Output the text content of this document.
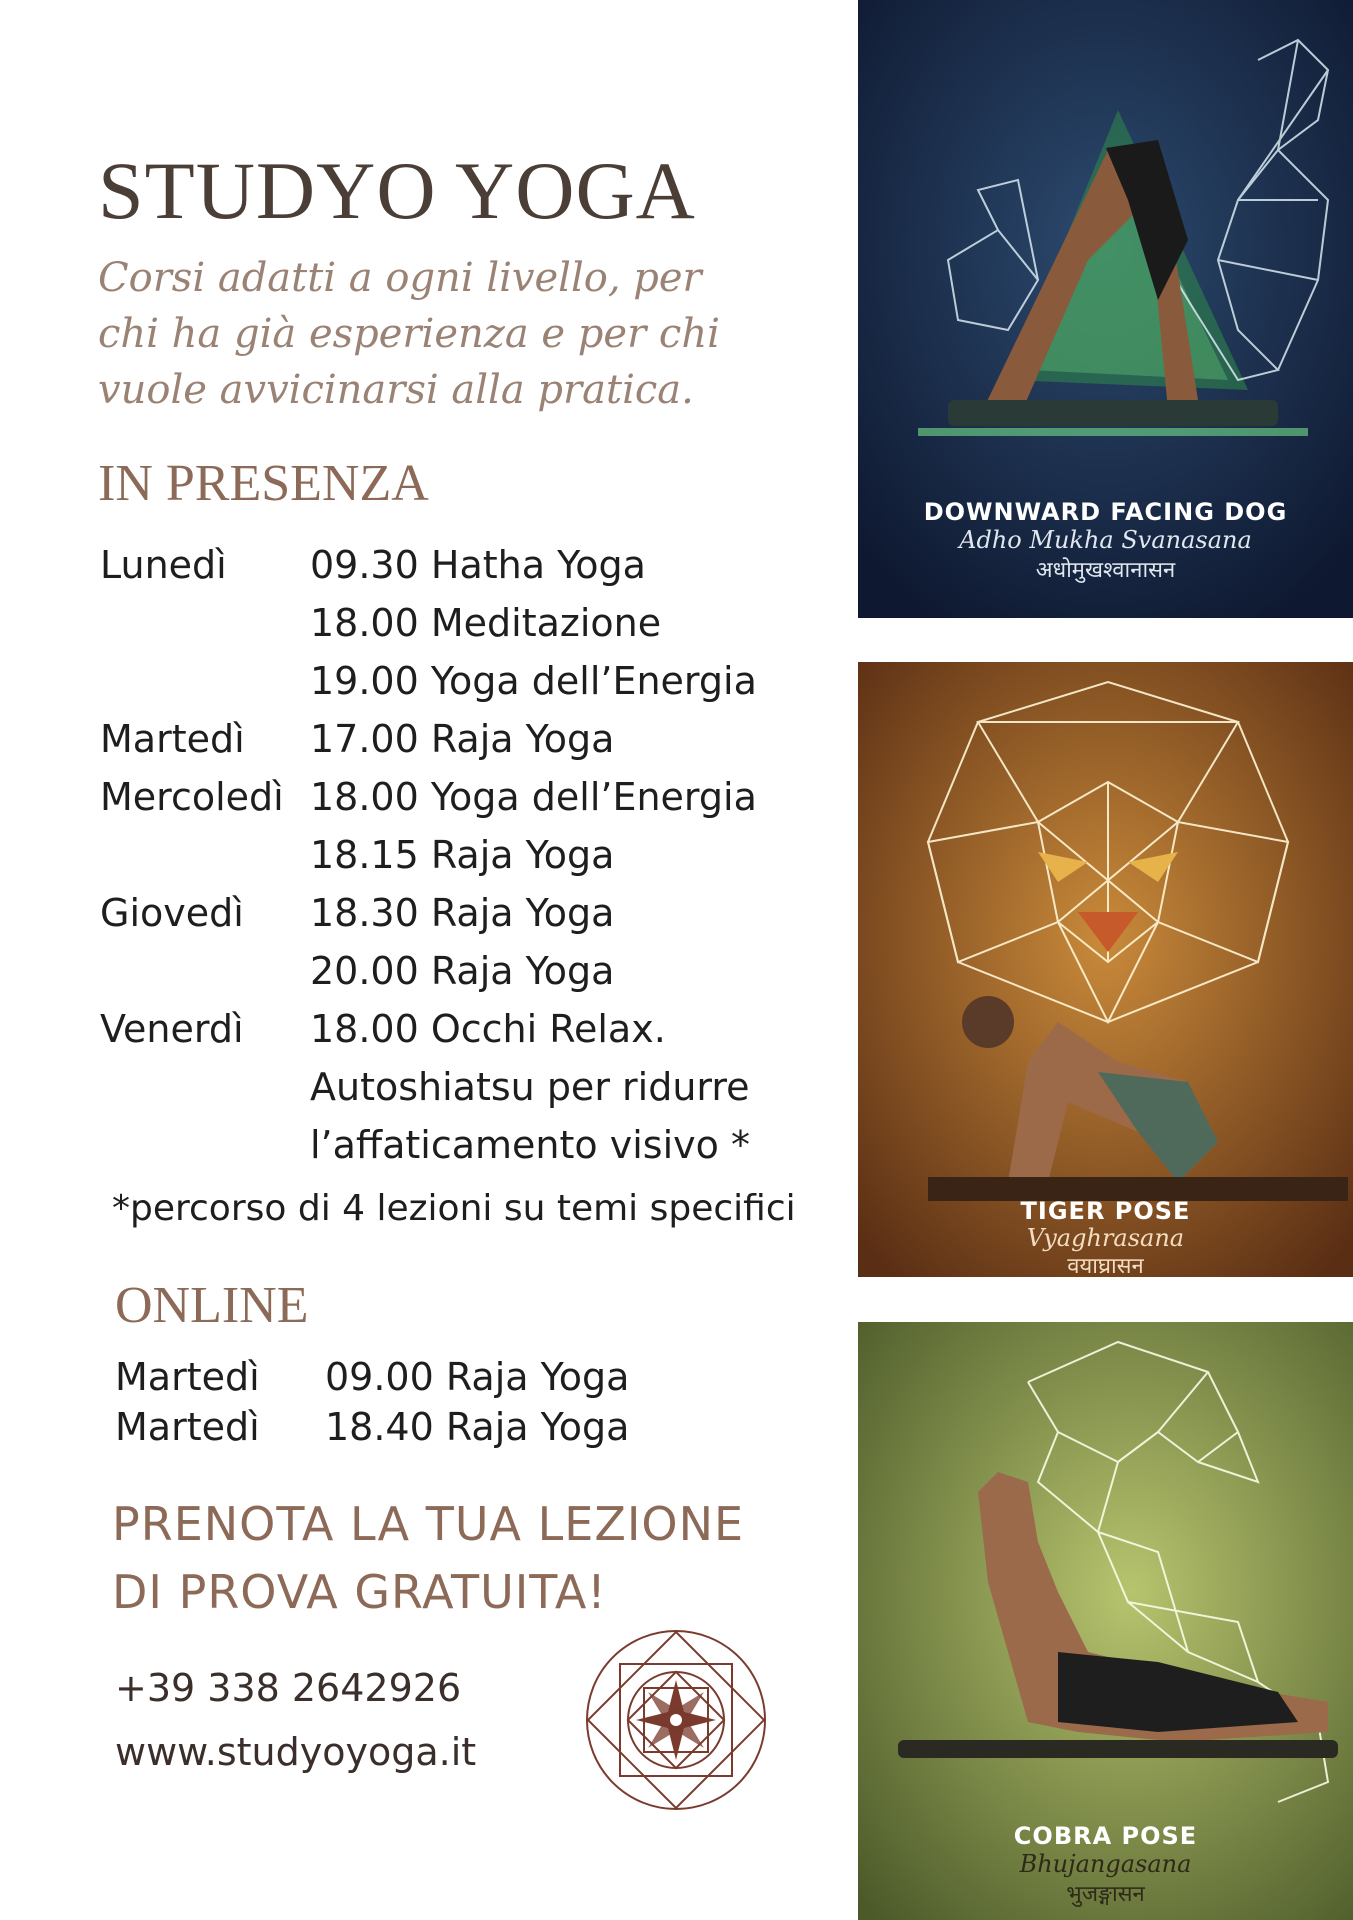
STUDYO YOGA
Corsi adatti a ogni livello, per chi ha già esperienza e per chi vuole avvicinarsi alla pratica.
IN PRESENZA
Lunedì 09.30 Hatha Yoga
18.00 Meditazione
19.00 Yoga dell’Energia
Martedì 17.00 Raja Yoga
Mercoledì 18.00 Yoga dell’Energia
18.15 Raja Yoga
Giovedì 18.30 Raja Yoga
20.00 Raja Yoga
Venerdì 18.00 Occhi Relax.
Autoshiatsu per ridurre
l’affaticamento visivo *
*percorso di 4 lezioni su temi specifici
ONLINE
Martedì 09.00 Raja Yoga
Martedì 18.40 Raja Yoga
PRENOTA LA TUA LEZIONE
DI PROVA GRATUITA!
+39 338 2642926
www.studyoyoga.it
DOWNWARD FACING DOG
Adho Mukha Svanasana
अधोमुखश्वानासन
TIGER POSE
Vyaghrasana
वयाघ्रासन
COBRA POSE
Bhujangasana
भुजङ्गासन
